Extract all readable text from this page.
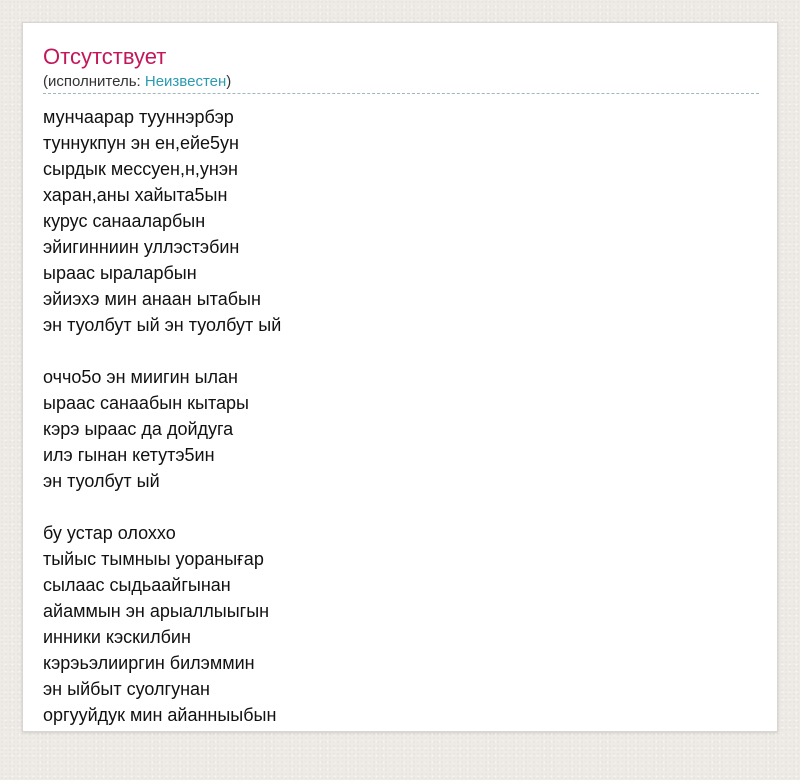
Отсутствует
(исполнитель: Неизвестен)
мунчаарар тууннэрбэр
туннукпун эн ен,ейе5ун
сырдык мессуен,н,унэн
харан,аны хайыта5ын
курус санааларбын
эйигинниин уллэстэбин
ыраас ыраларбын
эйиэхэ мин анаан ытабын
эн туолбут ый эн туолбут ый
оччо5о эн миигин ылан
ыраас санаабын кытары
кэрэ ыраас да дойдуга
илэ гынан кетутэ5ин
эн туолбут ый
бу устар олоххо
тыйыс тымныы уоранығар
сылаас сыдьаайгынан
айаммын эн арыаллыыгын
инники кэскилбин
кэрэьэлииргин билэммин
эн ыйбыт суолгунан
оргууйдук мин айанныыбын
